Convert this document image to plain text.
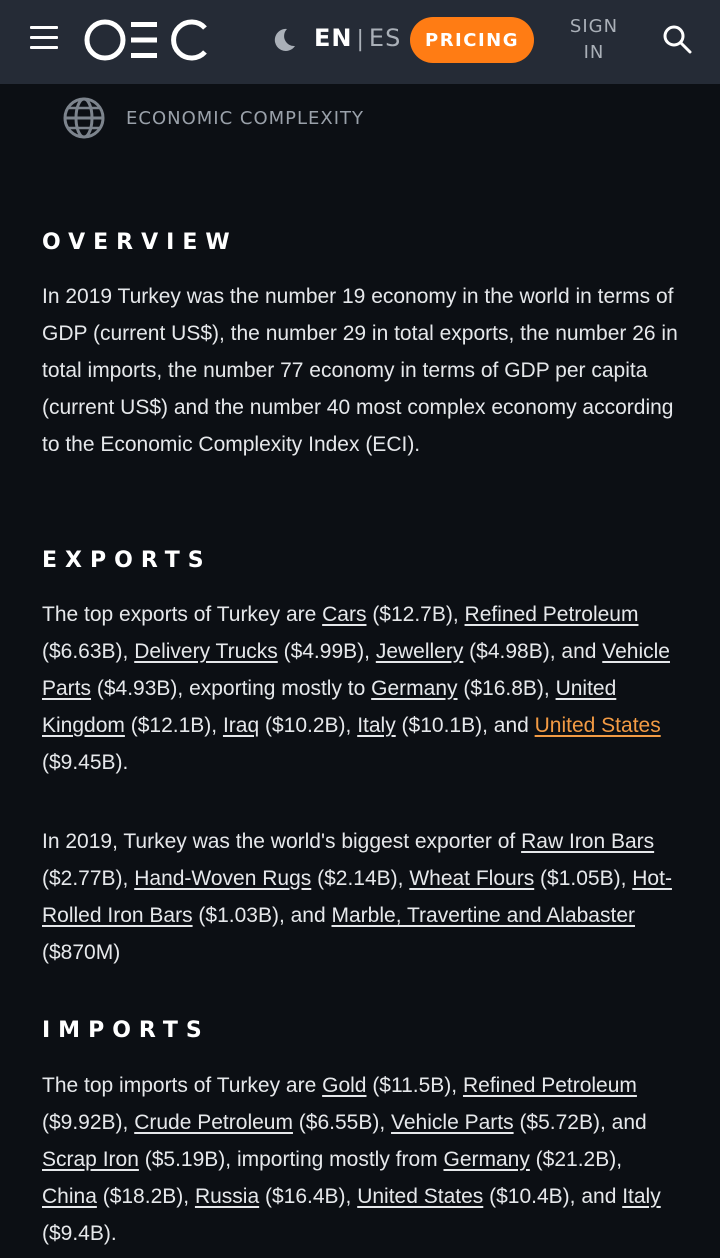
EN | ES	PRICING
SIGN
IN
ECONOMIC COMPLEXITY
OVERVIEW

In 2019 Turkey was the number 19 economy in the world in terms of GDP (current US$), the number 29 in total exports, the number 26 in total imports, the number 77 economy in terms of GDP per capita (current US$) and the number 40 most complex economy according to the Economic Complexity Index (ECI).

EXPORTS

The top exports of Turkey are Cars ($12.7B), Refined Petroleum ($6.63B), Delivery Trucks ($4.99B), Jewellery ($4.98B), and Vehicle Parts ($4.93B), exporting mostly to Germany ($16.8B), United Kingdom ($12.1B), Iraq ($10.2B), Italy ($10.1B), and United States ($9.45B).

In 2019, Turkey was the world's biggest exporter of Raw Iron Bars ($2.77B), Hand-Woven Rugs ($2.14B), Wheat Flours ($1.05B), Hot-Rolled Iron Bars ($1.03B), and Marble, Travertine and Alabaster ($870M)

IMPORTS

The top imports of Turkey are Gold ($11.5B), Refined Petroleum ($9.92B), Crude Petroleum ($6.55B), Vehicle Parts ($5.72B), and Scrap Iron ($5.19B), importing mostly from Germany ($21.2B), China ($18.2B), Russia ($16.4B), United States ($10.4B), and Italy ($9.4B).
